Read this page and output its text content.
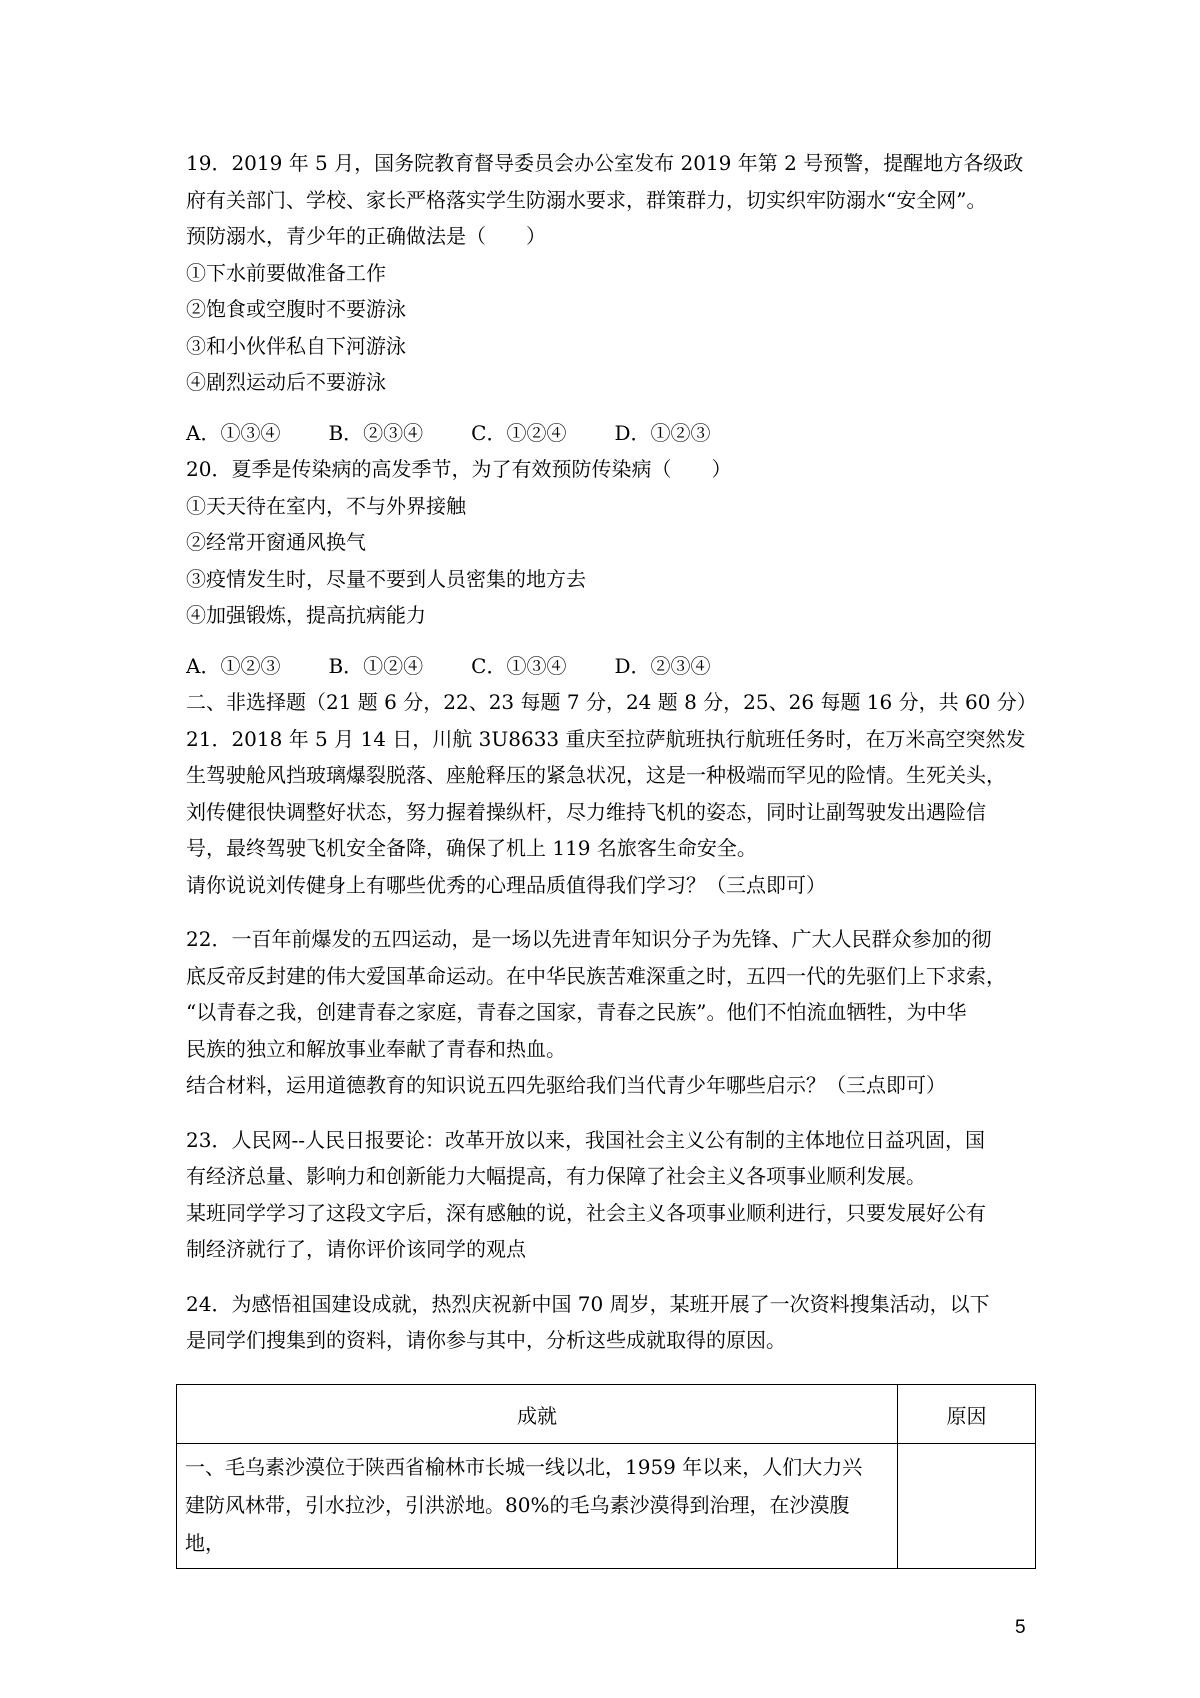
19．2019 年 5 月，国务院教育督导委员会办公室发布 2019 年第 2 号预警，提醒地方各级政
府有关部门、学校、家长严格落实学生防溺水要求，群策群力，切实织牢防溺水“安全网”。
预防溺水，青少年的正确做法是（　　）
①下水前要做准备工作
②饱食或空腹时不要游泳
③和小伙伴私自下河游泳
④剧烈运动后不要游泳
A．①③④ B．②③④ C．①②④ D．①②③
20．夏季是传染病的高发季节，为了有效预防传染病（　　）
①天天待在室内，不与外界接触
②经常开窗通风换气
③疫情发生时，尽量不要到人员密集的地方去
④加强锻炼，提高抗病能力
A．①②③ B．①②④ C．①③④ D．②③④
二、非选择题（21 题 6 分，22、23 每题 7 分，24 题 8 分，25、26 每题 16 分，共 60 分）
21．2018 年 5 月 14 日，川航 3U8633 重庆至拉萨航班执行航班任务时，在万米高空突然发
生驾驶舱风挡玻璃爆裂脱落、座舱释压的紧急状况，这是一种极端而罕见的险情。生死关头，
刘传健很快调整好状态，努力握着操纵杆，尽力维持飞机的姿态，同时让副驾驶发出遇险信
号，最终驾驶飞机安全备降，确保了机上 119 名旅客生命安全。
请你说说刘传健身上有哪些优秀的心理品质值得我们学习？（三点即可）
22．一百年前爆发的五四运动，是一场以先进青年知识分子为先锋、广大人民群众参加的彻
底反帝反封建的伟大爱国革命运动。在中华民族苦难深重之时，五四一代的先驱们上下求索，
“以青春之我，创建青春之家庭，青春之国家，青春之民族”。他们不怕流血牺牲，为中华
民族的独立和解放事业奉献了青春和热血。
结合材料，运用道德教育的知识说五四先驱给我们当代青少年哪些启示？（三点即可）
23．人民网--人民日报要论：改革开放以来，我国社会主义公有制的主体地位日益巩固，国
有经济总量、影响力和创新能力大幅提高，有力保障了社会主义各项事业顺利发展。
某班同学学习了这段文字后，深有感触的说，社会主义各项事业顺利进行，只要发展好公有
制经济就行了，请你评价该同学的观点
24．为感悟祖国建设成就，热烈庆祝新中国 70 周岁，某班开展了一次资料搜集活动，以下
是同学们搜集到的资料，请你参与其中，分析这些成就取得的原因。
成就	原因

一、毛乌素沙漠位于陕西省榆林市长城一线以北，1959 年以来，人们大力兴
建防风林带，引水拉沙，引洪淤地。80%的毛乌素沙漠得到治理，在沙漠腹地，	

5
